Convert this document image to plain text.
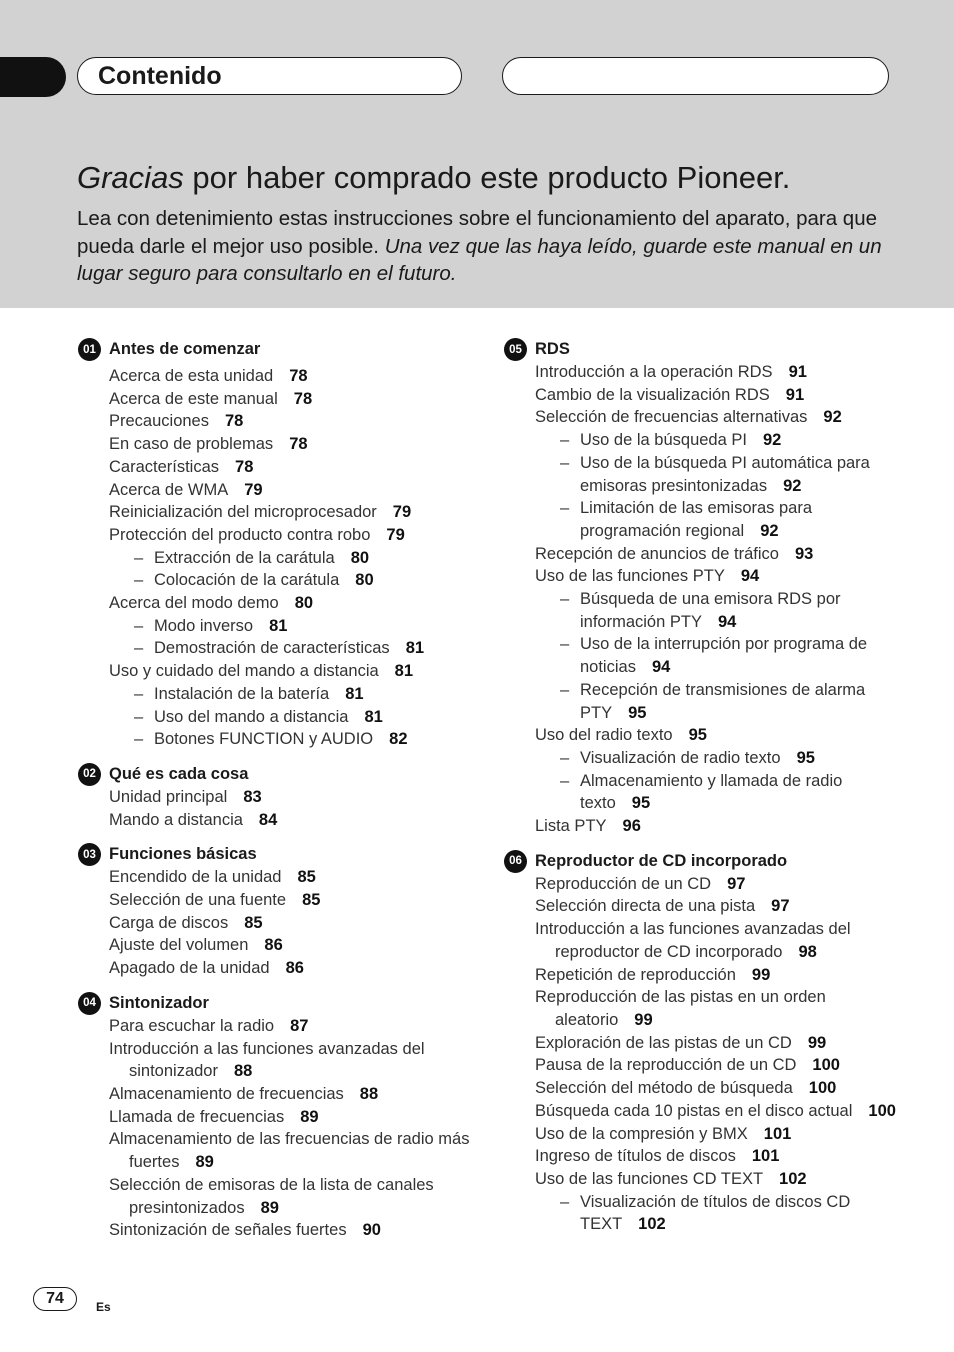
Contenido
Gracias por haber comprado este producto Pioneer.

Lea con detenimiento estas instrucciones sobre el funcionamiento del aparato, para que pueda darle el mejor uso posible. Una vez que las haya leído, guarde este manual en un lugar seguro para consultarlo en el futuro.

01 Antes de comenzar
Acerca de esta unidad 78
Acerca de este manual 78
Precauciones 78
En caso de problemas 78
Características 78
Acerca de WMA 79
Reinicialización del microprocesador 79
Protección del producto contra robo 79
– Extracción de la carátula 80
– Colocación de la carátula 80
Acerca del modo demo 80
– Modo inverso 81
– Demostración de características 81
Uso y cuidado del mando a distancia 81
– Instalación de la batería 81
– Uso del mando a distancia 81
– Botones FUNCTION y AUDIO 82
02 Qué es cada cosa
Unidad principal 83
Mando a distancia 84
03 Funciones básicas
Encendido de la unidad 85
Selección de una fuente 85
Carga de discos 85
Ajuste del volumen 86
Apagado de la unidad 86
04 Sintonizador
Para escuchar la radio 87
Introducción a las funciones avanzadas del sintonizador 88
Almacenamiento de frecuencias 88
Llamada de frecuencias 89
Almacenamiento de las frecuencias de radio más fuertes 89
Selección de emisoras de la lista de canales presintonizados 89
Sintonización de señales fuertes 90
05 RDS
Introducción a la operación RDS 91
Cambio de la visualización RDS 91
Selección de frecuencias alternativas 92
– Uso de la búsqueda PI 92
– Uso de la búsqueda PI automática para emisoras presintonizadas 92
– Limitación de las emisoras para programación regional 92
Recepción de anuncios de tráfico 93
Uso de las funciones PTY 94
– Búsqueda de una emisora RDS por información PTY 94
– Uso de la interrupción por programa de noticias 94
– Recepción de transmisiones de alarma PTY 95
Uso del radio texto 95
– Visualización de radio texto 95
– Almacenamiento y llamada de radio texto 95
Lista PTY 96
06 Reproductor de CD incorporado
Reproducción de un CD 97
Selección directa de una pista 97
Introducción a las funciones avanzadas del reproductor de CD incorporado 98
Repetición de reproducción 99
Reproducción de las pistas en un orden aleatorio 99
Exploración de las pistas de un CD 99
Pausa de la reproducción de un CD 100
Selección del método de búsqueda 100
Búsqueda cada 10 pistas en el disco actual 100
Uso de la compresión y BMX 101
Ingreso de títulos de discos 101
Uso de las funciones CD TEXT 102
– Visualización de títulos de discos CD TEXT 102
74	Es
